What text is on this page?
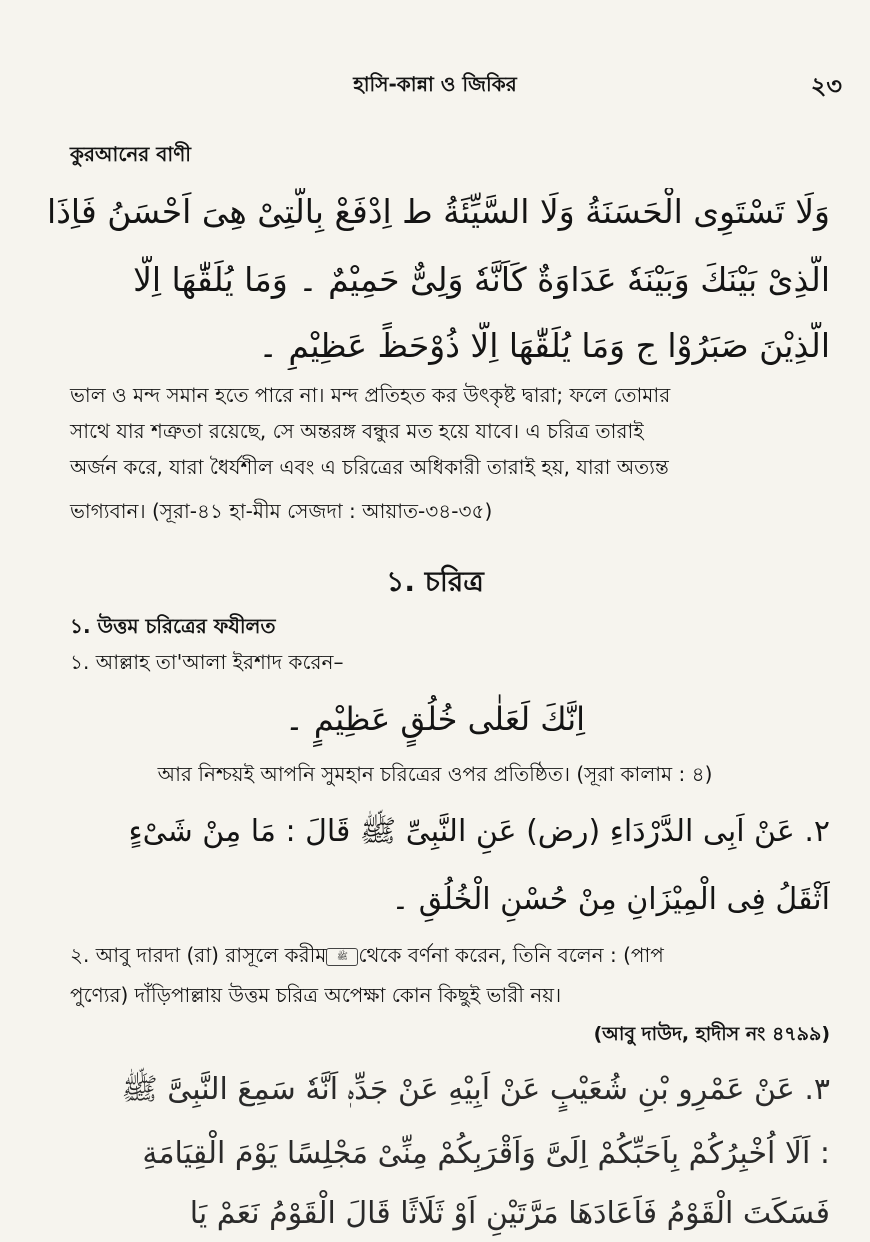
হাসি-কান্না ও জিকির	২৩
কুরআনের বাণী
وَلَا تَسْتَوِى الْحَسَنَةُ وَلَا السَّيِّئَةُ ط اِدْفَعْ بِالَّتِىْ هِىَ اَحْسَنُ فَاِذَا
الَّذِىْ بَيْنَكَ وَبَيْنَهٗ عَدَاوَةٌ كَاَنَّهٗ وَلِىٌّ حَمِيْمٌ ۔ وَمَا يُلَقّٰهَا اِلَّا
الَّذِيْنَ صَبَرُوْا ج وَمَا يُلَقّٰهَا اِلَّا ذُوْحَظٍّ عَظِيْمٍ ۔
ভাল ও মন্দ সমান হতে পারে না। মন্দ প্রতিহত কর উৎকৃষ্ট দ্বারা; ফলে তোমার
সাথে যার শত্রুতা রয়েছে, সে অন্তরঙ্গ বন্ধুর মত হয়ে যাবে। এ চরিত্র তারাই
অর্জন করে, যারা ধৈর্যশীল এবং এ চরিত্রের অধিকারী তারাই হয়, যারা অত্যন্ত
ভাগ্যবান। (সূরা-৪১ হা-মীম সেজদা : আয়াত-৩৪-৩৫)
১. চরিত্র
১. উত্তম চরিত্রের ফযীলত
১. আল্লাহ তা'আলা ইরশাদ করেন–
اِنَّكَ لَعَلٰى خُلُقٍ عَظِيْمٍ ۔
আর নিশ্চয়ই আপনি সুমহান চরিত্রের ওপর প্রতিষ্ঠিত। (সূরা কালাম : ৪)
٢. عَنْ اَبِى الدَّرْدَاءِ (رض) عَنِ النَّبِىِّ ﷺ قَالَ : مَا مِنْ شَىْءٍ
اَثْقَلُ فِى الْمِيْزَانِ مِنْ حُسْنِ الْخُلُقِ ۔
২. আবু দারদা (রা) রাসূলে করীম ﷺ থেকে বর্ণনা করেন, তিনি বলেন : (পাপ
পুণ্যের) দাঁড়িপাল্লায় উত্তম চরিত্র অপেক্ষা কোন কিছুই ভারী নয়।
(আবু দাউদ, হাদীস নং ৪৭৯৯)
٣. عَنْ عَمْرِو بْنِ شُعَيْبٍ عَنْ اَبِيْهِ عَنْ جَدِّهٖ اَنَّهٗ سَمِعَ النَّبِىَّ ﷺ
: اَلَا اُخْبِرُكُمْ بِاَحَبِّكُمْ اِلَىَّ وَاَقْرَبِكُمْ مِنِّىْ مَجْلِسًا يَوْمَ الْقِيَامَةِ
فَسَكَتَ الْقَوْمُ فَاَعَادَهَا مَرَّتَيْنِ اَوْ ثَلَاثًا قَالَ الْقَوْمُ نَعَمْ يَا
